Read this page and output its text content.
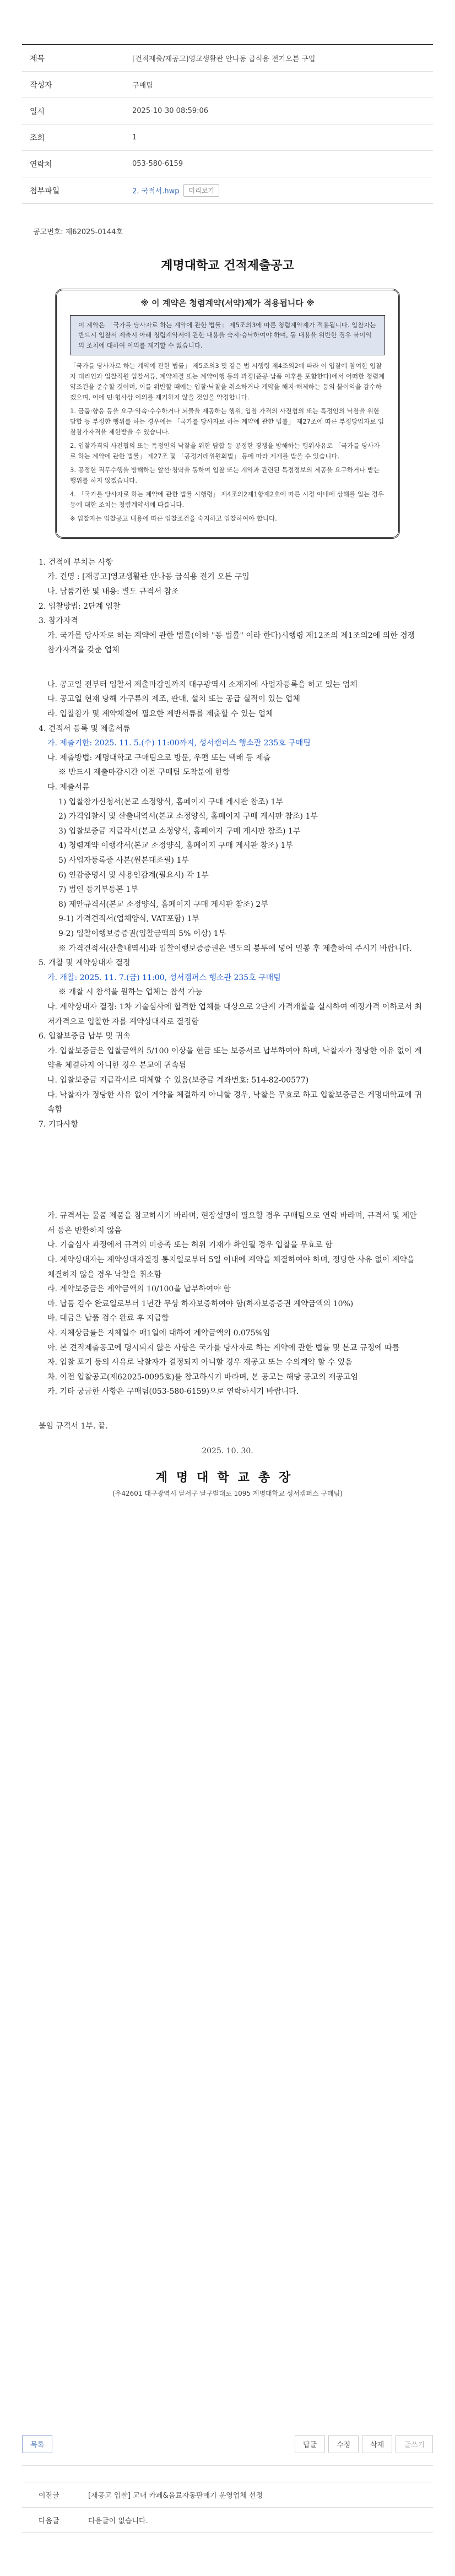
제목	[건적제출/재공고]영교생활관 안나동 급식용 전기오븐 구입
작성자	구매팀
일시	2025-10-30 08:59:06
조회	1
연락처	053-580-6159
첨부파일	2. 국적서.hwp	미리보기
공고번호: 제62025-0144호
계명대학교 건적제출공고
※ 이 계약은 청렴계약(서약)제가 적용됩니다 ※
이 계약은 「국가를 당사자로 하는 계약에 관한 법률」 제5조의3에 따른 청렴계약제가 적용됩니다. 입찰자는 반드시 입찰서 제출시 아래 청렴계약서에 관한 내용을 숙지·승낙하여야 하며, 동 내용을 위반한 경우 불이익의 조치에 대하여 이의를 제기할 수 없습니다.

「국가를 당사자로 하는 계약에 관한 법률」 제5조의3 및 같은 법 시행령 제4조의2에 따라 이 입찰에 참여한 입찰자 대리인과 입찰직원 입찰서류, 계약체결 또는 계약이행 등의 과정(준공·납품 이후를 포함한다)에서 어떠한 청렴계약조건을 준수할 것이며, 이를 위반할 때에는 입찰·낙찰을 취소하거나 계약을 해지·해제하는 등의 불이익을 감수하겠으며, 이에 민·형사상 이의를 제기하지 않을 것임을 약정합니다.

1. 금품·향응 등을 요구·약속·수수하거나 뇌물을 제공하는 행위, 입찰 가격의 사전협의 또는 특정인의 낙찰을 위한 담합 등 부정한 행위를 하는 경우에는 「국가를 당사자로 하는 계약에 관한 법률」 제27조에 따른 부정당업자로 입찰참가자격을 제한받을 수 있습니다.

2. 입찰가격의 사전협의 또는 특정인의 낙찰을 위한 담합 등 공정한 경쟁을 방해하는 행위사유로 「국가를 당사자로 하는 계약에 관한 법률」 제27조 및 「공정거래위원회법」 등에 따라 제재를 받을 수 있습니다.

3. 공정한 직무수행을 방해하는 알선·청탁을 통하여 입찰 또는 계약과 관련된 특정정보의 제공을 요구하거나 받는 행위를 하지 않겠습니다.

4. 「국가를 당사자로 하는 계약에 관한 법률 시행령」 제4조의2제1항제2호에 따른 시정 이내에 상해를 입는 경우 등에 대한 조치는 청렴계약서에 따릅니다.

※ 입찰자는 입찰공고 내용에 따른 입찰조건을 숙지하고 입찰하여야 합니다.

1. 건적에 부치는 사항

가. 건명 : [재공고]영교생활관 안나동 급식용 전기 오븐 구입

나. 납품기한 및 내용: 별도 규격서 참조

2. 입찰방법: 2단계 입찰

3. 참가자격

가. 국가를 당사자로 하는 계약에 관한 법률(이하 "동 법률" 이라 한다)시행령 제12조의 제1조의2에 의한 경쟁참가자격을 갖춘 업체

나. 공고일 전부터 입찰서 제출마감일까지 대구광역시 소재지에 사업자등록을 하고 있는 업체

다. 공고일 현재 당해 가구류의 제조, 판매, 설치 또는 공급 실적이 있는 업체

라. 입찰참가 및 계약체결에 필요한 제반서류를 제출할 수 있는 업체

4. 견적서 등록 및 제출서류

가. 제출기한: 2025. 11. 5.(수) 11:00까지, 성서캠퍼스 행소관 235호 구매팀

나. 제출방법: 계명대학교 구매팀으로 방문, 우편 또는 택배 등 제출

※ 반드시 제출마감시간 이전 구매팀 도착분에 한함

다. 제출서류

1) 입찰참가신청서(본교 소정양식, 홈페이지 구매 게시판 참조) 1부

2) 가격입찰서 및 산출내역서(본교 소정양식, 홈페이지 구매 게시판 참조) 1부

3) 입찰보증금 지급각서(본교 소정양식, 홈페이지 구매 게시판 참조) 1부

4) 청렴계약 이행각서(본교 소정양식, 홈페이지 구매 게시판 참조) 1부

5) 사업자등록증 사본(원본대조필) 1부

6) 인감증명서 및 사용인감계(필요시) 각 1부

7) 법인 등기부등본 1부

8) 제안규격서(본교 소정양식, 홈페이지 구매 게시판 참조) 2부

9-1) 가격견적서(업체양식, VAT포함) 1부

9-2) 입찰이행보증증권(입찰금액의 5% 이상) 1부

※ 가격견적서(산출내역서)와 입찰이행보증증권은 별도의 봉투에 넣어 밀봉 후 제출하여 주시기 바랍니다.

5. 개찰 및 계약상대자 결정

가. 개찰: 2025. 11. 7.(금) 11:00, 성서캠퍼스 행소관 235호 구매팀

※ 개찰 시 참석을 원하는 업체는 참석 가능

나. 계약상대자 결정: 1차 기술심사에 합격한 업체를 대상으로 2단계 가격개찰을 실시하여 예정가격 이하로서 최저가격으로 입찰한 자를 계약상대자로 결정함

6. 입찰보증금 납부 및 귀속

가. 입찰보증금은 입찰금액의 5/100 이상을 현금 또는 보증서로 납부하여야 하며, 낙찰자가 정당한 이유 없이 계약을 체결하지 아니한 경우 본교에 귀속됨

나. 입찰보증금 지급각서로 대체할 수 있음(보증금 계좌번호: 514-82-00577)

다. 낙찰자가 정당한 사유 없이 계약을 체결하지 아니할 경우, 낙찰은 무효로 하고 입찰보증금은 계명대학교에 귀속함

7. 기타사항

가. 규격서는 물품 제품을 참고하시기 바라며, 현장설명이 필요할 경우 구매팀으로 연락 바라며, 규격서 및 제안서 등은 반환하지 않음

나. 기술심사 과정에서 규격의 미충족 또는 허위 기재가 확인될 경우 입찰을 무효로 함

다. 계약상대자는 계약상대자결정 통지일로부터 5일 이내에 계약을 체결하여야 하며, 정당한 사유 없이 계약을 체결하지 않을 경우 낙찰을 취소함

라. 계약보증금은 계약금액의 10/100을 납부하여야 함

마. 납품 검수 완료일로부터 1년간 무상 하자보증하여야 함(하자보증증권 계약금액의 10%)

바. 대금은 납품 검수 완료 후 지급함

사. 지체상금률은 지체일수 매1일에 대하여 계약금액의 0.075%임

아. 본 견적제출공고에 명시되지 않은 사항은 국가를 당사자로 하는 계약에 관한 법률 및 본교 규정에 따름

자. 입찰 포기 등의 사유로 낙찰자가 결정되지 아니할 경우 재공고 또는 수의계약 할 수 있음

차. 이전 입찰공고(제62025-0095호)를 참고하시기 바라며, 본 공고는 해당 공고의 재공고임

카. 기타 궁금한 사항은 구매팀(053-580-6159)으로 연락하시기 바랍니다.

붙임 규격서 1부. 끝.

2025. 10. 30.
계명대학교총장
(우42601 대구광역시 달서구 달구벌대로 1095 계명대학교 성서캠퍼스 구매팀)
목록	답글	수정	삭제	글쓰기
이전글	[재공고 입찰] 교내 카페&음료자동판매기 운영업체 선정
다음글	다음글이 없습니다.
